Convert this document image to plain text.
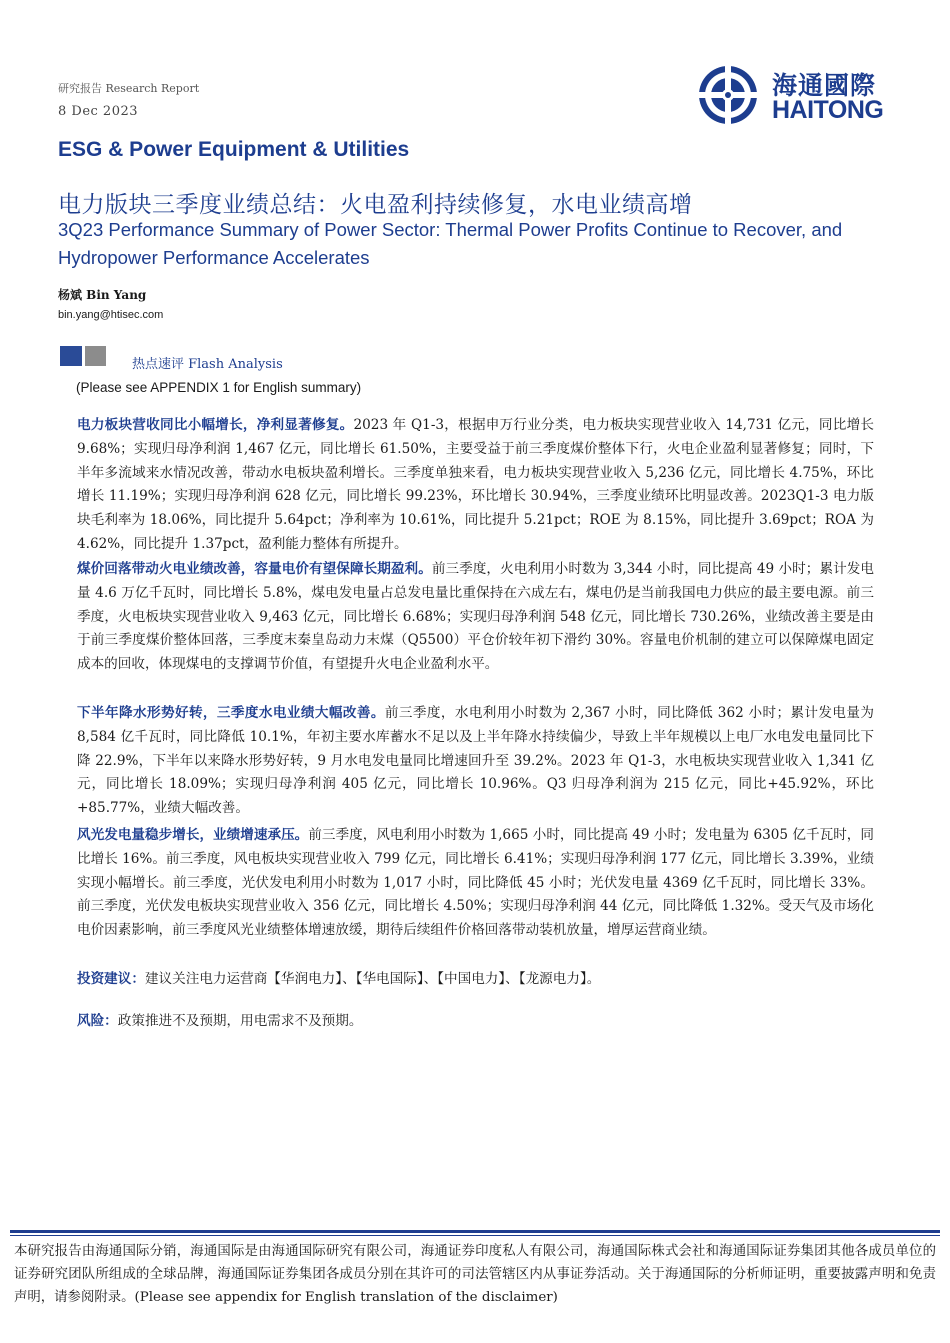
研究报告 Research Report
8 Dec 2023
海通國際
HAITONG
ESG & Power Equipment & Utilities
电力版块三季度业绩总结：火电盈利持续修复，水电业绩高增
3Q23 Performance Summary of Power Sector: Thermal Power Profits Continue to Recover, and Hydropower Performance Accelerates
杨斌 Bin Yang
bin.yang@htisec.com
热点速评 Flash Analysis
(Please see APPENDIX 1 for English summary)

电力板块营收同比小幅增长，净利显著修复。2023 年 Q1-3，根据申万行业分类，电力板块实现营业收入 14,731 亿元，同比增长 9.68%；实现归母净利润 1,467 亿元，同比增长 61.50%，主要受益于前三季度煤价整体下行，火电企业盈利显著修复；同时，下半年多流域来水情况改善，带动水电板块盈利增长。三季度单独来看，电力板块实现营业收入 5,236 亿元，同比增长 4.75%，环比增长 11.19%；实现归母净利润 628 亿元，同比增长 99.23%，环比增长 30.94%，三季度业绩环比明显改善。2023Q1-3 电力版块毛利率为 18.06%，同比提升 5.64pct；净利率为 10.61%，同比提升 5.21pct；ROE 为 8.15%，同比提升 3.69pct；ROA 为 4.62%，同比提升 1.37pct，盈利能力整体有所提升。

煤价回落带动火电业绩改善，容量电价有望保障长期盈利。前三季度，火电利用小时数为 3,344 小时，同比提高 49 小时；累计发电量 4.6 万亿千瓦时，同比增长 5.8%，煤电发电量占总发电量比重保持在六成左右，煤电仍是当前我国电力供应的最主要电源。前三季度，火电板块实现营业收入 9,463 亿元，同比增长 6.68%；实现归母净利润 548 亿元，同比增长 730.26%，业绩改善主要是由于前三季度煤价整体回落，三季度末秦皇岛动力末煤（Q5500）平仓价较年初下滑约 30%。容量电价机制的建立可以保障煤电固定成本的回收，体现煤电的支撑调节价值，有望提升火电企业盈利水平。

下半年降水形势好转，三季度水电业绩大幅改善。前三季度，水电利用小时数为 2,367 小时，同比降低 362 小时；累计发电量为 8,584 亿千瓦时，同比降低 10.1%，年初主要水库蓄水不足以及上半年降水持续偏少，导致上半年规模以上电厂水电发电量同比下降 22.9%，下半年以来降水形势好转，9 月水电发电量同比增速回升至 39.2%。2023 年 Q1-3，水电板块实现营业收入 1,341 亿元，同比增长 18.09%；实现归母净利润 405 亿元，同比增长 10.96%。Q3 归母净利润为 215 亿元，同比+45.92%，环比+85.77%，业绩大幅改善。

风光发电量稳步增长，业绩增速承压。前三季度，风电利用小时数为 1,665 小时，同比提高 49 小时；发电量为 6305 亿千瓦时，同比增长 16%。前三季度，风电板块实现营业收入 799 亿元，同比增长 6.41%；实现归母净利润 177 亿元，同比增长 3.39%，业绩实现小幅增长。前三季度，光伏发电利用小时数为 1,017 小时，同比降低 45 小时；光伏发电量 4369 亿千瓦时，同比增长 33%。前三季度，光伏发电板块实现营业收入 356 亿元，同比增长 4.50%；实现归母净利润 44 亿元，同比降低 1.32%。受天气及市场化电价因素影响，前三季度风光业绩整体增速放缓，期待后续组件价格回落带动装机放量，增厚运营商业绩。

投资建议：建议关注电力运营商【华润电力】、【华电国际】、【中国电力】、【龙源电力】。

风险：政策推进不及预期，用电需求不及预期。

本研究报告由海通国际分销，海通国际是由海通国际研究有限公司，海通证券印度私人有限公司，海通国际株式会社和海通国际证券集团其他各成员单位的证券研究团队所组成的全球品牌，海通国际证券集团各成员分别在其许可的司法管辖区内从事证券活动。关于海通国际的分析师证明，重要披露声明和免责声明，请参阅附录。(Please see appendix for English translation of the disclaimer)
